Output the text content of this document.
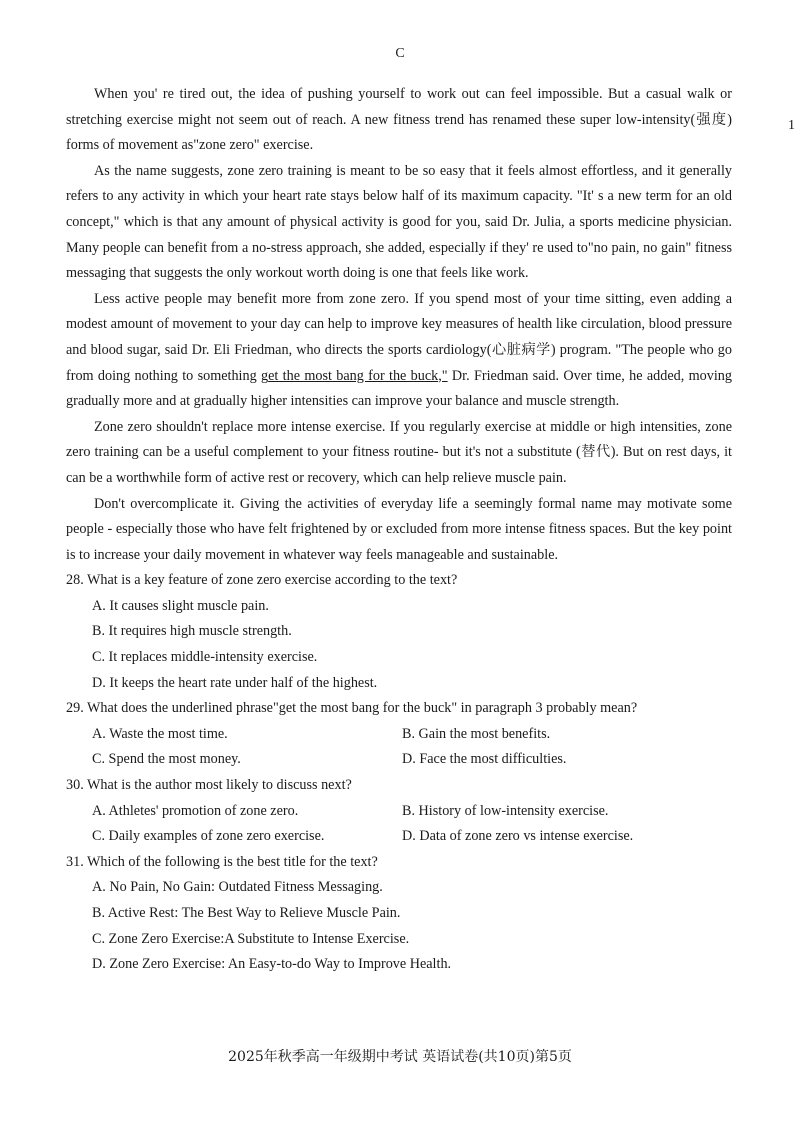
C
1

When you' re tired out, the idea of pushing yourself to work out can feel impossible. But a casual walk or stretching exercise might not seem out of reach. A new fitness trend has renamed these super low-intensity(强度) forms of movement as"zone zero" exercise.

As the name suggests, zone zero training is meant to be so easy that it feels almost effortless, and it generally refers to any activity in which your heart rate stays below half of its maximum capacity. "It' s a new term for an old concept," which is that any amount of physical activity is good for you, said Dr. Julia, a sports medicine physician. Many people can benefit from a no-stress approach, she added, especially if they' re used to"no pain, no gain" fitness messaging that suggests the only workout worth doing is one that feels like work.

Less active people may benefit more from zone zero. If you spend most of your time sitting, even adding a modest amount of movement to your day can help to improve key measures of health like circulation, blood pressure and blood sugar, said Dr. Eli Friedman, who directs the sports cardiology(心脏病学) program. "The people who go from doing nothing to something get the most bang for the buck," Dr. Friedman said. Over time, he added, moving gradually more and at gradually higher intensities can improve your balance and muscle strength.

Zone zero shouldn't replace more intense exercise. If you regularly exercise at middle or high intensities, zone zero training can be a useful complement to your fitness routine- but it's not a substitute (替代). But on rest days, it can be a worthwhile form of active rest or recovery, which can help relieve muscle pain.

Don't overcomplicate it. Giving the activities of everyday life a seemingly formal name may motivate some people - especially those who have felt frightened by or excluded from more intense fitness spaces. But the key point is to increase your daily movement in whatever way feels manageable and sustainable.

28. What is a key feature of zone zero exercise according to the text?
A. It causes slight muscle pain.
B. It requires high muscle strength.
C. It replaces middle-intensity exercise.
D. It keeps the heart rate under half of the highest.
29. What does the underlined phrase"get the most bang for the buck" in paragraph 3 probably mean?
A. Waste the most time.	B. Gain the most benefits.
C. Spend the most money.	D. Face the most difficulties.
30. What is the author most likely to discuss next?
A. Athletes' promotion of zone zero.	B. History of low-intensity exercise.
C. Daily examples of zone zero exercise.	D. Data of zone zero vs intense exercise.
31. Which of the following is the best title for the text?
A. No Pain, No Gain: Outdated Fitness Messaging.
B. Active Rest: The Best Way to Relieve Muscle Pain.
C. Zone Zero Exercise:A Substitute to Intense Exercise.
D. Zone Zero Exercise: An Easy-to-do Way to Improve Health.
2025年秋季高一年级期中考试 英语试卷(共10页)第5页
